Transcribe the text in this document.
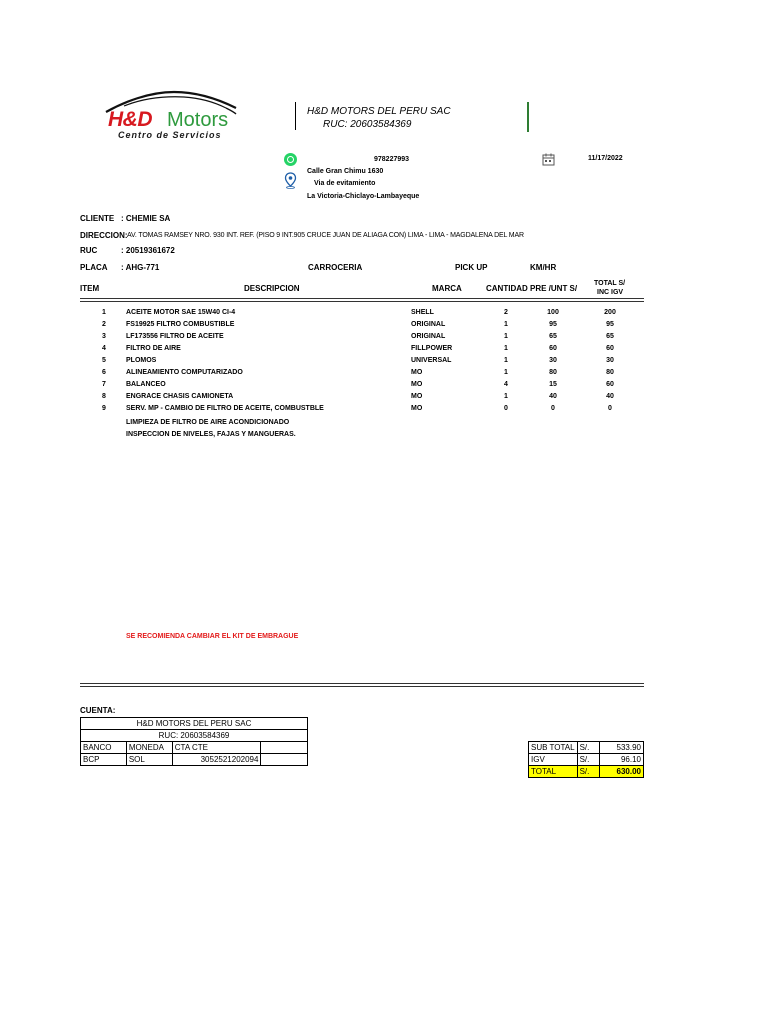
H&D Motors
Centro de Servicios
H&D MOTORS DEL PERU SAC
RUC: 20603584369
978227993	11/17/2022
Calle Gran Chimu 1630
Via de evitamiento
La Victoria-Chiclayo-Lambayeque
CLIENTE : CHEMIE SA
DIRECCION: AV. TOMAS RAMSEY NRO. 930 INT. REF. (PISO 9 INT.905 CRUCE JUAN DE ALIAGA CON) LIMA - LIMA - MAGDALENA DEL MAR
RUC	: 20519361672
PLACA : AHG-771	CARROCERIA	PICK UP	KM/HR
ITEM	DESCRIPCION	MARCA	CANTIDAD PRE /UNT S/
TOTAL S/
INC IGV
1	ACEITE MOTOR SAE 15W40 CI-4	SHELL	2	100	200
2	FS19925 FILTRO COMBUSTIBLE	ORIGINAL	1	95	95
3	LF173556 FILTRO DE ACEITE	ORIGINAL	1	65	65
4	FILTRO DE AIRE	FILLPOWER	1	60	60
5	PLOMOS	UNIVERSAL	1	30	30
6	ALINEAMIENTO COMPUTARIZADO	MO	1	80	80
7	BALANCEO	MO	4	15	60
8	ENGRACE CHASIS CAMIONETA	MO	1	40	40
9	SERV. MP - CAMBIO DE FILTRO DE ACEITE, COMBUSTBLE	MO	0	0	0
LIMPIEZA DE FILTRO DE AIRE ACONDICIONADO
INSPECCION DE NIVELES, FAJAS Y MANGUERAS.
SE RECOMIENDA CAMBIAR EL KIT DE EMBRAGUE
CUENTA:
H&D MOTORS DEL PERU SAC			
RUC: 20603584369			
BANCO	MONEDA	CTA CTE	
BCP	SOL	3052521202094	
SUB TOTAL	S/.	533.90
IGV	S/.	96.10
TOTAL	S/.	630.00
